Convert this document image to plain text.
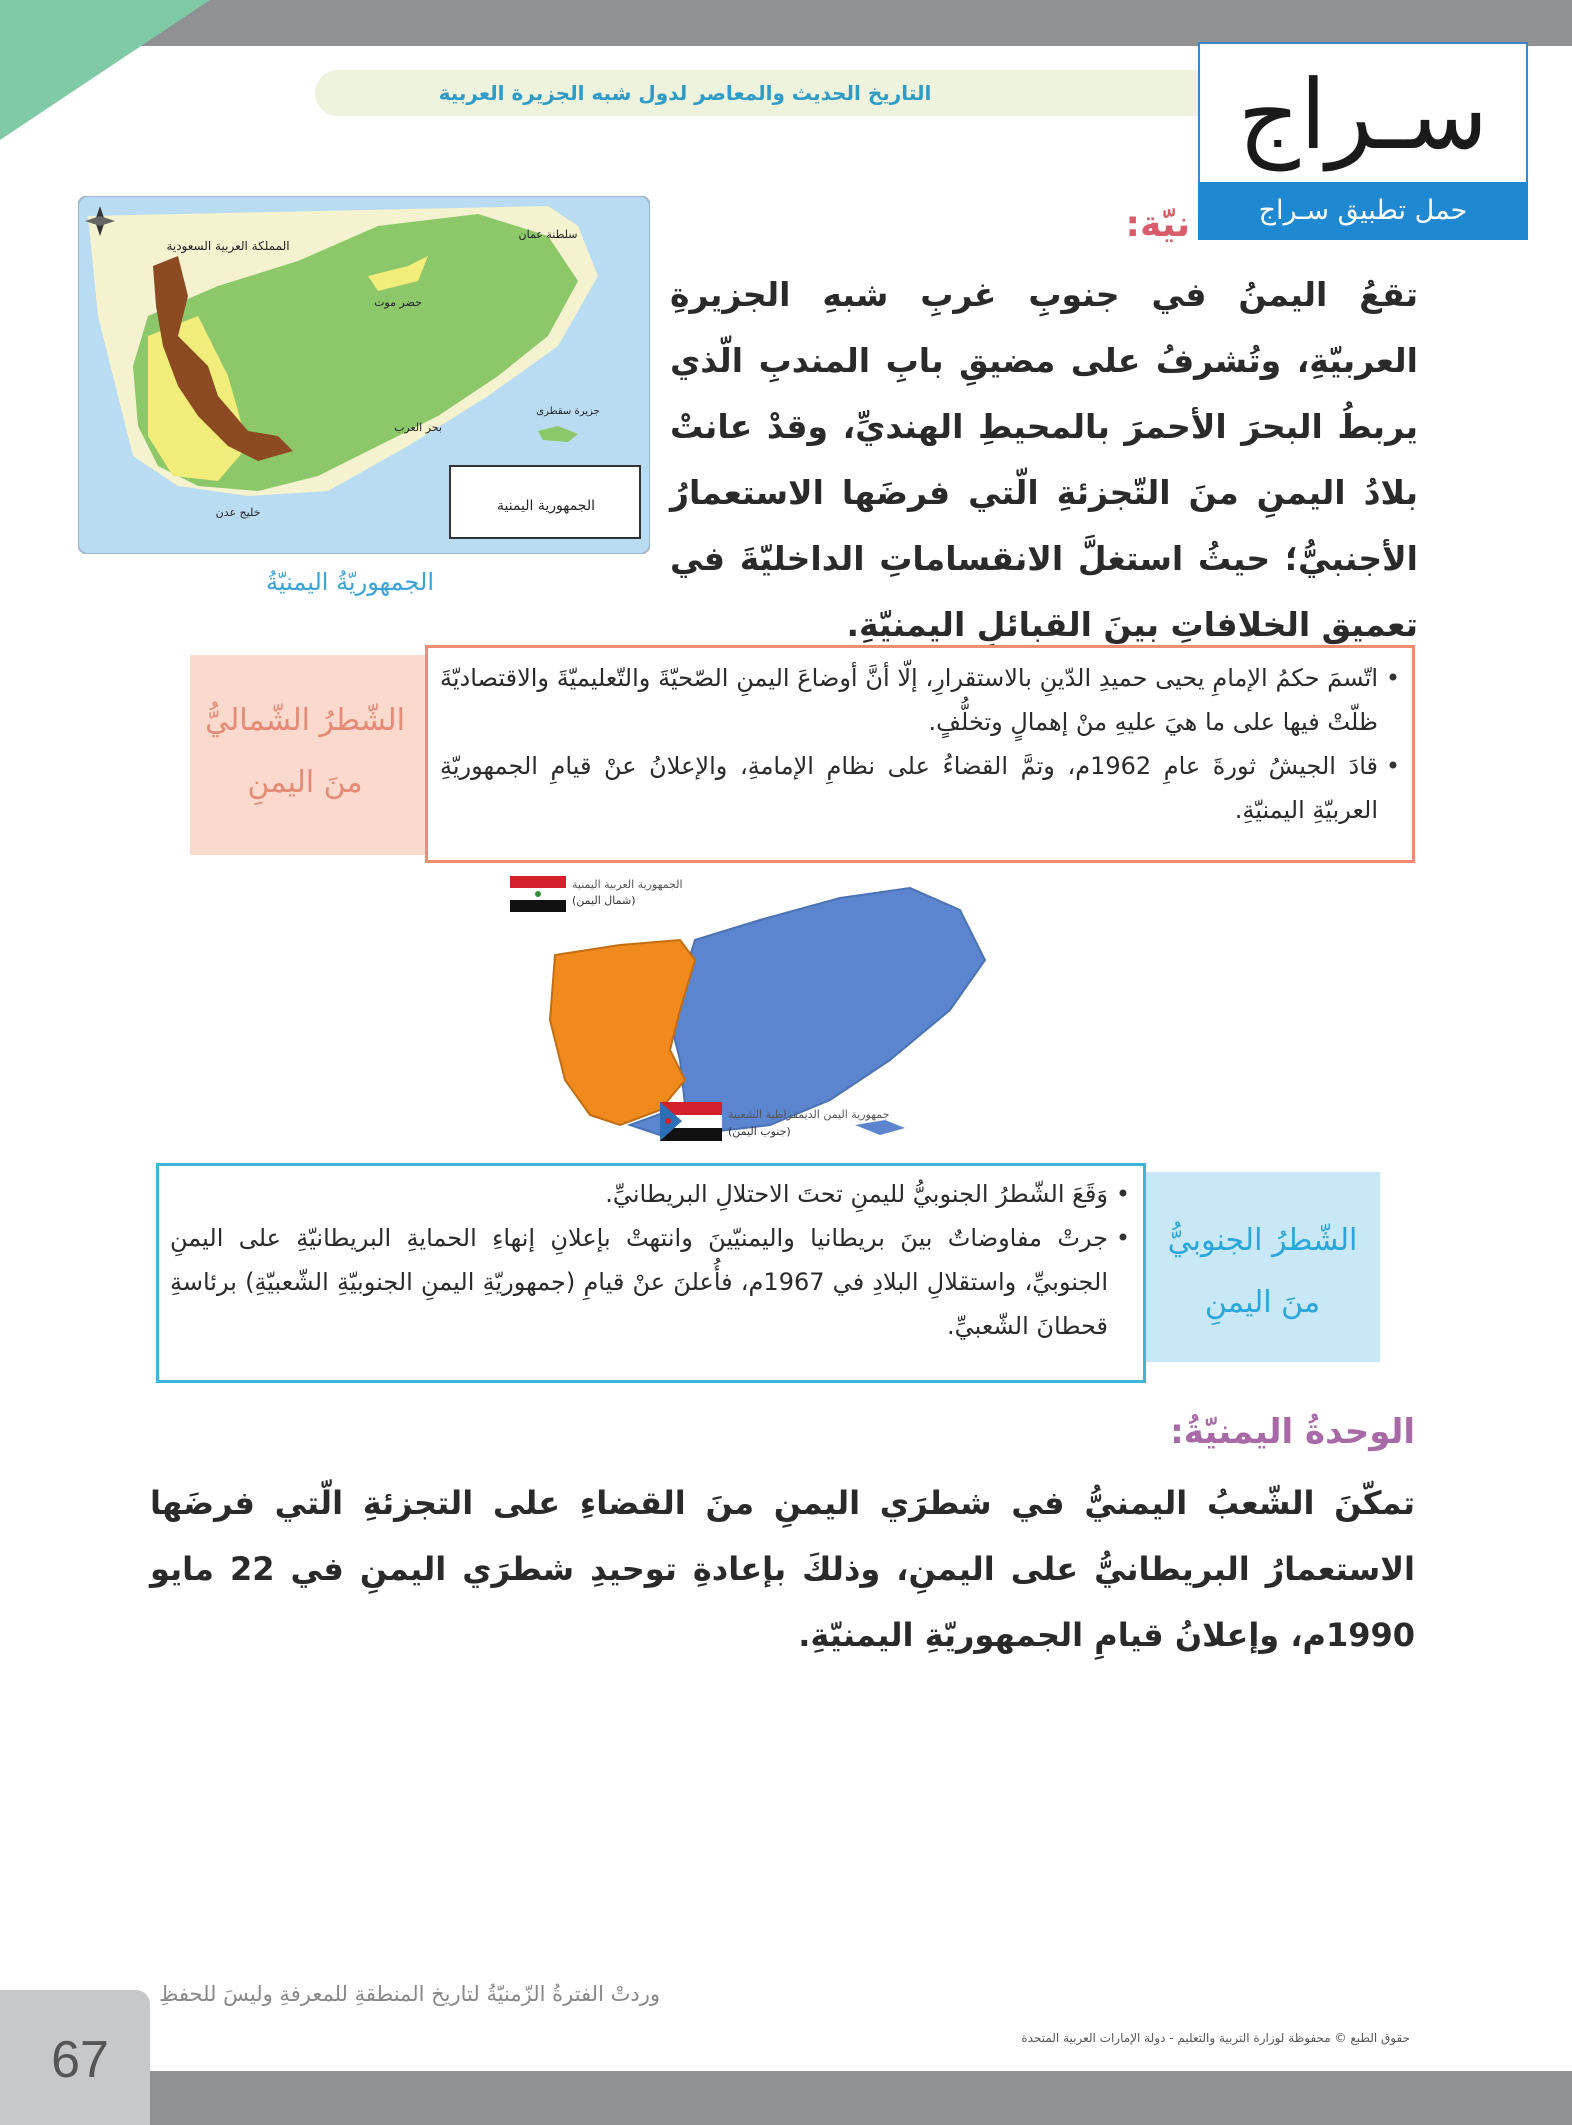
التاريخ الحديث والمعاصر لدول شبه الجزيرة العربية	سـراج
حمل تطبيق سـراج
نيّة:
تقعُ اليمنُ في جنوبِ غربِ شبهِ الجزيرةِ العربيّةِ، وتُشرفُ على مضيقِ بابِ المندبِ الّذي يربطُ البحرَ الأحمرَ بالمحيطِ الهنديِّ، وقدْ عانتْ بلادُ اليمنِ منَ التّجزئةِ الّتي فرضَها الاستعمارُ الأجنبيُّ؛ حيثُ استغلَّ الانقساماتِ الداخليّةَ في تعميقِ الخلافاتِ بينَ القبائلِ اليمنيّةِ.
الجمهورية اليمنية
المملكة العربية السعودية
سلطنة عمان
حضر موت
بحر العرب
خليج عدن
جزيرة سقطرى
الجمهوريّةُ اليمنيّةُ
الشّطرُ الشّماليُّ
منَ اليمنِ
• اتّسمَ حكمُ الإمامِ يحيى حميدِ الدّينِ بالاستقرارِ، إلّا أنَّ أوضاعَ اليمنِ الصّحيّةَ والتّعليميّةَ والاقتصاديّةَ ظلّتْ فيها على ما هيَ عليهِ منْ إهمالٍ وتخلُّفٍ.
• قادَ الجيشُ ثورةَ عامِ 1962م، وتمَّ القضاءُ على نظامِ الإمامةِ، والإعلانُ عنْ قيامِ الجمهوريّةِ العربيّةِ اليمنيّةِ.
الجمهورية العربية اليمنية
(شمال اليمن)
جمهورية اليمن الديمقراطية الشعبية
(جنوب اليمن)
الشّطرُ الجنوبيُّ
منَ اليمنِ
• وَقَعَ الشّطرُ الجنوبيُّ لليمنِ تحتَ الاحتلالِ البريطانيِّ.
• جرتْ مفاوضاتٌ بينَ بريطانيا واليمنيّينَ وانتهتْ بإعلانِ إنهاءِ الحمايةِ البريطانيّةِ على اليمنِ الجنوبيِّ، واستقلالِ البلادِ في 1967م، فأُعلنَ عنْ قيامِ (جمهوريّةِ اليمنِ الجنوبيّةِ الشّعبيّةِ) برئاسةِ قحطانَ الشّعبيِّ.
الوحدةُ اليمنيّةُ:
تمكّنَ الشّعبُ اليمنيُّ في شطرَي اليمنِ منَ القضاءِ على التجزئةِ الّتي فرضَها الاستعمارُ البريطانيُّ على اليمنِ، وذلكَ بإعادةِ توحيدِ شطرَي اليمنِ في 22 مايو 1990م، وإعلانُ قيامِ الجمهوريّةِ اليمنيّةِ.
وردتْ الفترةُ الزّمنيّةُ لتاريخ المنطقةِ للمعرفةِ وليسَ للحفظِ
حقوق الطبع © محفوظة لوزارة التربية والتعليم - دولة الإمارات العربية المتحدة
67
